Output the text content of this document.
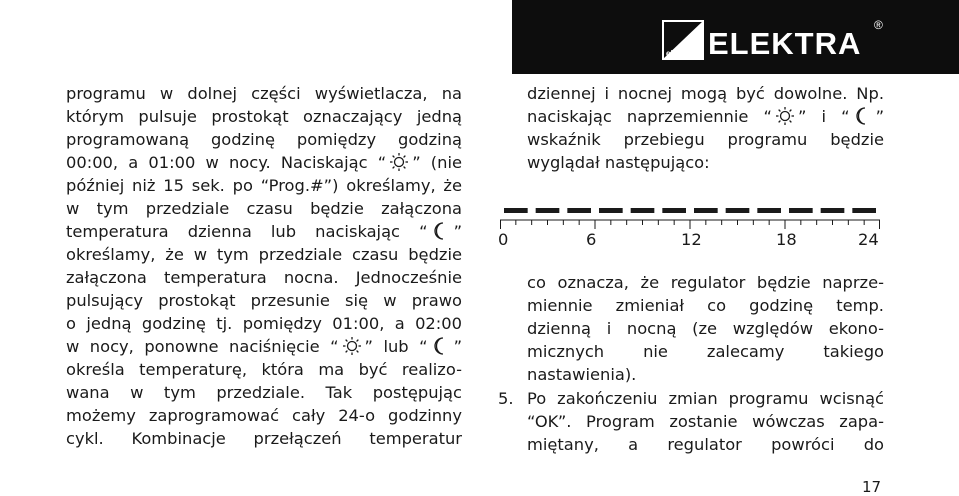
elektra ELEKTRA
®
programu w dolnej części wyświetlacza, na
którym pulsuje prostokąt oznaczający jedną
programowaną godzinę pomiędzy godziną
00:00, a 01:00 w nocy. Naciskając “ ” (nie
później niż 15 sek. po “Prog.#”) określamy, że
w tym przedziale czasu będzie załączona
temperatura dzienna lub naciskając “ ”
określamy, że w tym przedziale czasu będzie
załączona temperatura nocna. Jednocześnie
pulsujący prostokąt przesunie się w prawo
o jedną godzinę tj. pomiędzy 01:00, a 02:00
w nocy, ponowne naciśnięcie “ ” lub “ ”
określa temperaturę, która ma być realizo-
wana w tym przedziale. Tak postępując
możemy zaprogramować cały 24-o godzinny
cykl. Kombinacje przełączeń temperatur
dziennej i nocnej mogą być dowolne. Np.
naciskając naprzemiennie “ ” i “ ”
wskaźnik przebiegu programu będzie
wyglądał następująco:
co oznacza, że regulator będzie naprze-
miennie zmieniał co godzinę temp.
dzienną i nocną (ze względów ekono-
micznych nie zalecamy takiego
nastawienia).
5. Po zakończeniu zmian programu wcisnąć
“OK”. Program zostanie wówczas zapa-
miętany, a regulator powróci do
17
0	6	12	18	24
